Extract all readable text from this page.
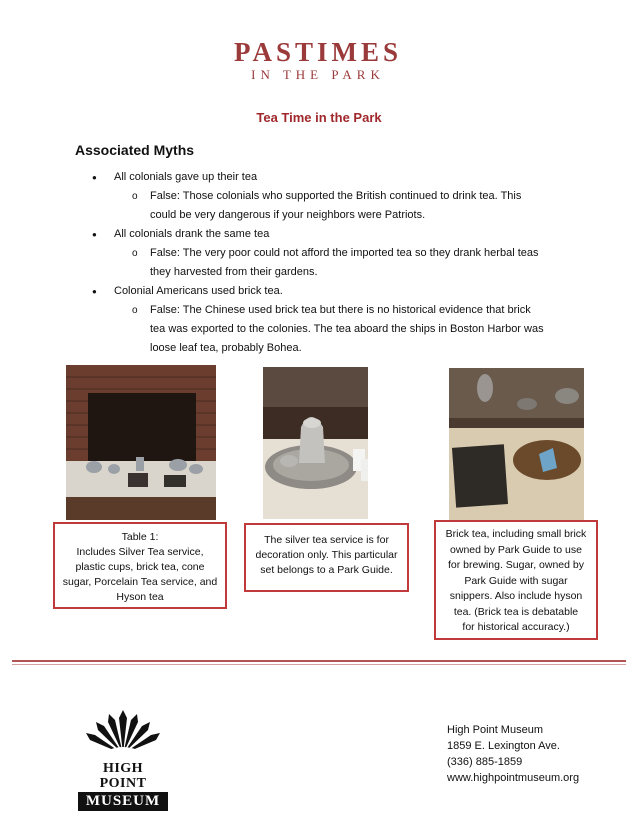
PASTIMES
IN THE PARK
Tea Time in the Park
Associated Myths
● All colonials gave up their tea
o False: Those colonials who supported the British continued to drink tea. This
could be very dangerous if your neighbors were Patriots.
● All colonials drank the same tea
o False: The very poor could not afford the imported tea so they drank herbal teas
they harvested from their gardens.
● Colonial Americans used brick tea.
o False: The Chinese used brick tea but there is no historical evidence that brick
tea was exported to the colonies. The tea aboard the ships in Boston Harbor was
loose leaf tea, probably Bohea.
Table 1:
Includes Silver Tea service,
plastic cups, brick tea, cone
sugar, Porcelain Tea service, and
Hyson tea
The silver tea service is for
decoration only. This particular
set belongs to a Park Guide.
Brick tea, including small brick
owned by Park Guide to use
for brewing. Sugar, owned by
Park Guide with sugar
snippers. Also include hyson
tea. (Brick tea is debatable
for historical accuracy.)
HIGH POINT
MUSEUM
High Point Museum
1859 E. Lexington Ave.
(336) 885-1859
www.highpointmuseum.org
